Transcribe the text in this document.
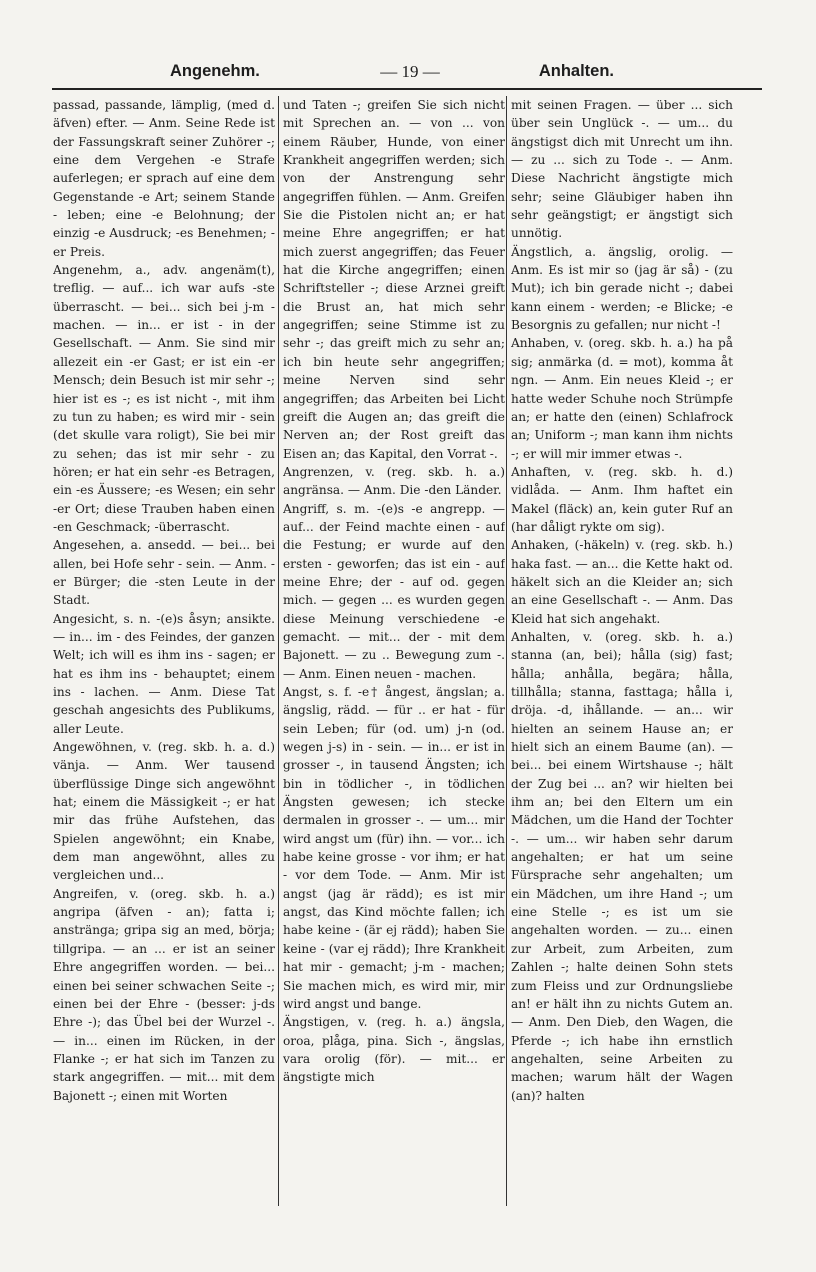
Angenehm.	— 19 —	Anhalten.

passad, passande, lämplig, (med d. äfven) efter. — Anm. Seine Rede ist der Fassungskraft seiner Zuhörer -; eine dem Vergehen -e Strafe auferlegen; er sprach auf eine dem Gegenstande -e Art; seinem Stande - leben; eine -e Belohnung; der einzig -e Ausdruck; -es Benehmen; -er Preis.

Angenehm, a., adv. angenäm(t), treflig. — auf... ich war aufs -ste überrascht. — bei... sich bei j-m - machen. — in... er ist - in der Gesellschaft. — Anm. Sie sind mir allezeit ein -er Gast; er ist ein -er Mensch; dein Besuch ist mir sehr -; hier ist es -; es ist nicht -, mit ihm zu tun zu haben; es wird mir - sein (det skulle vara roligt), Sie bei mir zu sehen; das ist mir sehr - zu hören; er hat ein sehr -es Betragen, ein -es Äussere; -es Wesen; ein sehr -er Ort; diese Trauben haben einen -en Geschmack; -überrascht.

Angesehen, a. ansedd. — bei... bei allen, bei Hofe sehr - sein. — Anm. -er Bürger; die -sten Leute in der Stadt.

Angesicht, s. n. -(e)s åsyn; ansikte. — in... im - des Feindes, der ganzen Welt; ich will es ihm ins - sagen; er hat es ihm ins - behauptet; einem ins - lachen. — Anm. Diese Tat geschah angesichts des Publikums, aller Leute.

Angewöhnen, v. (reg. skb. h. a. d.) vänja. — Anm. Wer tausend überflüssige Dinge sich angewöhnt hat; einem die Mässigkeit -; er hat mir das frühe Aufstehen, das Spielen angewöhnt; ein Knabe, dem man angewöhnt, alles zu vergleichen und...

Angreifen, v. (oreg. skb. h. a.) angripa (äfven - an); fatta i; anstränga; gripa sig an med, börja; tillgripa. — an ... er ist an seiner Ehre angegriffen worden. — bei... einen bei seiner schwachen Seite -; einen bei der Ehre - (besser: j-ds Ehre -); das Übel bei der Wurzel -. — in... einen im Rücken, in der Flanke -; er hat sich im Tanzen zu stark angegriffen. — mit... mit dem Bajonett -; einen mit Worten

und Taten -; greifen Sie sich nicht mit Sprechen an. — von ... von einem Räuber, Hunde, von einer Krankheit angegriffen werden; sich von der Anstrengung sehr angegriffen fühlen. — Anm. Greifen Sie die Pistolen nicht an; er hat meine Ehre angegriffen; er hat mich zuerst angegriffen; das Feuer hat die Kirche angegriffen; einen Schriftsteller -; diese Arznei greift die Brust an, hat mich sehr angegriffen; seine Stimme ist zu sehr -; das greift mich zu sehr an; ich bin heute sehr angegriffen; meine Nerven sind sehr angegriffen; das Arbeiten bei Licht greift die Augen an; das greift die Nerven an; der Rost greift das Eisen an; das Kapital, den Vorrat -.

Angrenzen, v. (reg. skb. h. a.) angränsa. — Anm. Die -den Länder.

Angriff, s. m. -(e)s -e angrepp. — auf... der Feind machte einen - auf die Festung; er wurde auf den ersten - geworfen; das ist ein - auf meine Ehre; der - auf od. gegen mich. — gegen ... es wurden gegen diese Meinung verschiedene -e gemacht. — mit... der - mit dem Bajonett. — zu .. Bewegung zum -. — Anm. Einen neuen - machen.

Angst, s. f. -e† ångest, ängslan; a. ängslig, rädd. — für .. er hat - für sein Leben; für (od. um) j-n (od. wegen j-s) in - sein. — in... er ist in grosser -, in tausend Ängsten; ich bin in tödlicher -, in tödlichen Ängsten gewesen; ich stecke dermalen in grosser -. — um... mir wird angst um (für) ihn. — vor... ich habe keine grosse - vor ihm; er hat - vor dem Tode. — Anm. Mir ist angst (jag är rädd); es ist mir angst, das Kind möchte fallen; ich habe keine - (är ej rädd); haben Sie keine - (var ej rädd); Ihre Krankheit hat mir - gemacht; j-m - machen; Sie machen mich, es wird mir, mir wird angst und bange.

Ängstigen, v. (reg. h. a.) ängsla, oroa, plåga, pina. Sich -, ängslas, vara orolig (för). — mit... er ängstigte mich

mit seinen Fragen. — über ... sich über sein Unglück -. — um... du ängstigst dich mit Unrecht um ihn. — zu ... sich zu Tode -. — Anm. Diese Nachricht ängstigte mich sehr; seine Gläubiger haben ihn sehr geängstigt; er ängstigt sich unnötig.

Ängstlich, a. ängslig, orolig. — Anm. Es ist mir so (jag är så) - (zu Mut); ich bin gerade nicht -; dabei kann einem - werden; -e Blicke; -e Besorgnis zu gefallen; nur nicht -!

Anhaben, v. (oreg. skb. h. a.) ha på sig; anmärka (d. = mot), komma åt ngn. — Anm. Ein neues Kleid -; er hatte weder Schuhe noch Strümpfe an; er hatte den (einen) Schlafrock an; Uniform -; man kann ihm nichts -; er will mir immer etwas -.

Anhaften, v. (reg. skb. h. d.) vidlåda. — Anm. Ihm haftet ein Makel (fläck) an, kein guter Ruf an (har dåligt rykte om sig).

Anhaken, (-häkeln) v. (reg. skb. h.) haka fast. — an... die Kette hakt od. häkelt sich an die Kleider an; sich an eine Gesellschaft -. — Anm. Das Kleid hat sich angehakt.

Anhalten, v. (oreg. skb. h. a.) stanna (an, bei); hålla (sig) fast; hålla; anhålla, begära; hålla, tillhålla; stanna, fasttaga; hålla i, dröja. -d, ihållande. — an... wir hielten an seinem Hause an; er hielt sich an einem Baume (an). — bei... bei einem Wirtshause -; hält der Zug bei ... an? wir hielten bei ihm an; bei den Eltern um ein Mädchen, um die Hand der Tochter -. — um... wir haben sehr darum angehalten; er hat um seine Fürsprache sehr angehalten; um ein Mädchen, um ihre Hand -; um eine Stelle -; es ist um sie angehalten worden. — zu... einen zur Arbeit, zum Arbeiten, zum Zahlen -; halte deinen Sohn stets zum Fleiss und zur Ordnungsliebe an! er hält ihn zu nichts Gutem an. — Anm. Den Dieb, den Wagen, die Pferde -; ich habe ihn ernstlich angehalten, seine Arbeiten zu machen; warum hält der Wagen (an)? halten
